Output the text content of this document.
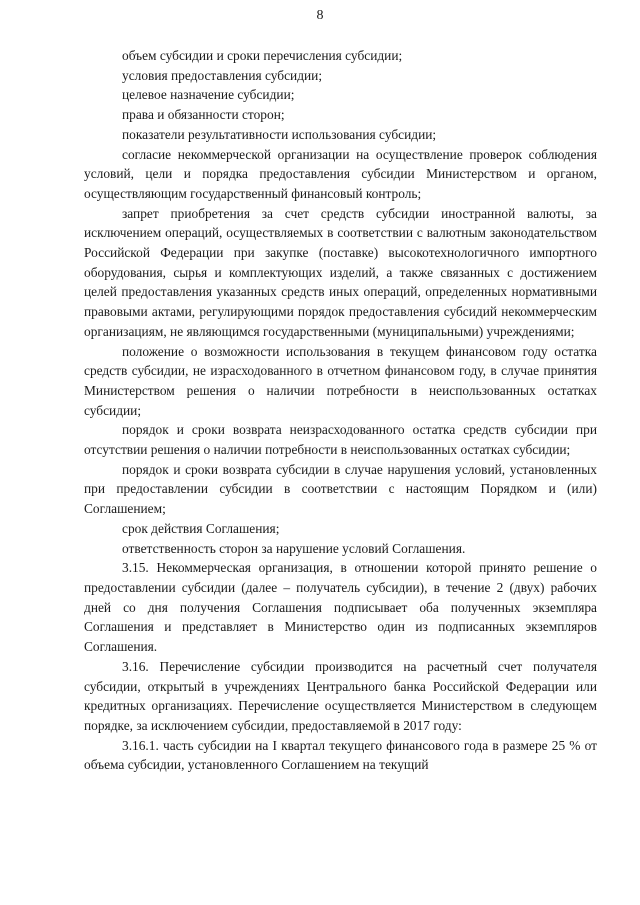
8

объем субсидии и сроки перечисления субсидии;

условия предоставления субсидии;

целевое назначение субсидии;

права и обязанности сторон;

показатели результативности использования субсидии;

согласие некоммерческой организации на осуществление проверок соблюдения условий, цели и порядка предоставления субсидии Министерством и органом, осуществляющим государственный финансовый контроль;

запрет приобретения за счет средств субсидии иностранной валюты, за исключением операций, осуществляемых в соответствии с валютным законодательством Российской Федерации при закупке (поставке) высокотехнологичного импортного оборудования, сырья и комплектующих изделий, а также связанных с достижением целей предоставления указанных средств иных операций, определенных нормативными правовыми актами, регулирующими порядок предоставления субсидий некоммерческим организациям, не являющимся государственными (муниципальными) учреждениями;

положение о возможности использования в текущем финансовом году остатка средств субсидии, не израсходованного в отчетном финансовом году, в случае принятия Министерством решения о наличии потребности в неиспользованных остатках субсидии;

порядок и сроки возврата неизрасходованного остатка средств субсидии при отсутствии решения о наличии потребности в неиспользованных остатках субсидии;

порядок и сроки возврата субсидии в случае нарушения условий, установленных при предоставлении субсидии в соответствии с настоящим Порядком и (или) Соглашением;

срок действия Соглашения;

ответственность сторон за нарушение условий Соглашения.

3.15. Некоммерческая организация, в отношении которой принято решение о предоставлении субсидии (далее – получатель субсидии), в течение 2 (двух) рабочих дней со дня получения Соглашения подписывает оба полученных экземпляра Соглашения и представляет в Министерство один из подписанных экземпляров Соглашения.

3.16. Перечисление субсидии производится на расчетный счет получателя субсидии, открытый в учреждениях Центрального банка Российской Федерации или кредитных организациях. Перечисление осуществляется Министерством в следующем порядке, за исключением субсидии, предоставляемой в 2017 году:

3.16.1. часть субсидии на I квартал текущего финансового года в размере 25 % от объема субсидии, установленного Соглашением на текущий
